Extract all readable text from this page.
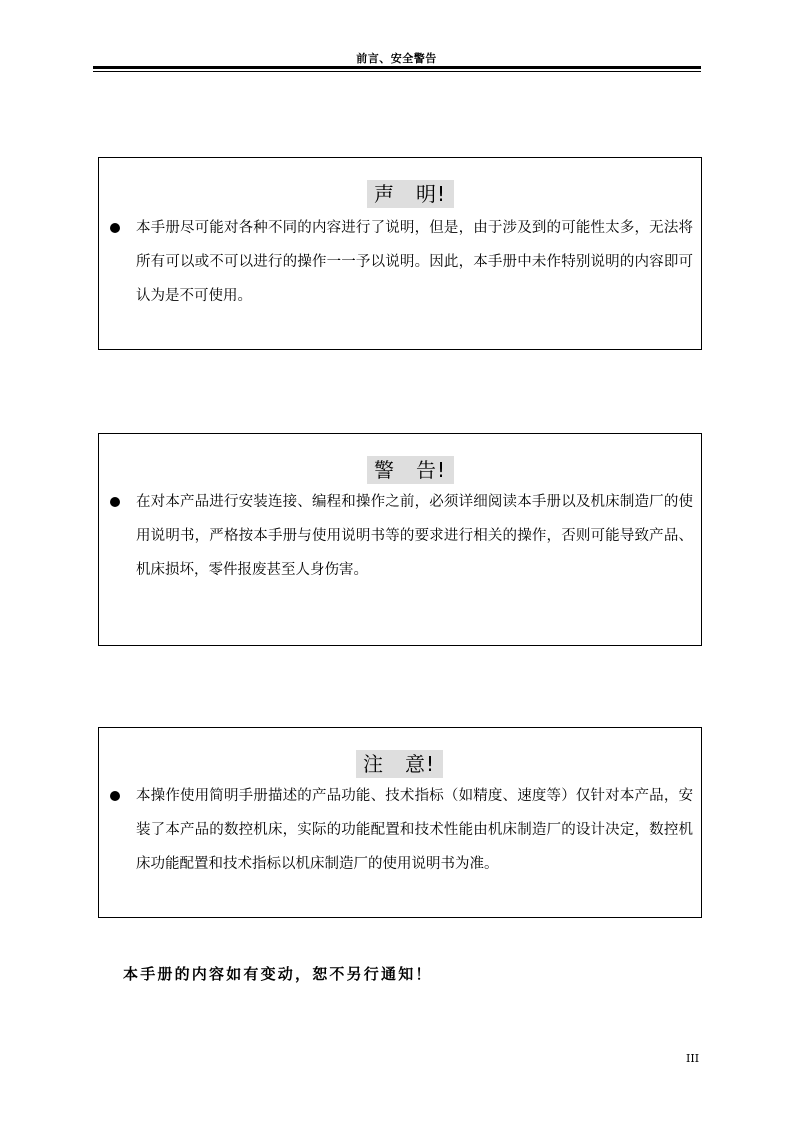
前言、安全警告
声　明!
本手册尽可能对各种不同的内容进行了说明，但是，由于涉及到的可能性太多，无法将所有可以或不可以进行的操作一一予以说明。因此，本手册中未作特别说明的内容即可认为是不可使用。
警　告!
在对本产品进行安装连接、编程和操作之前，必须详细阅读本手册以及机床制造厂的使用说明书，严格按本手册与使用说明书等的要求进行相关的操作，否则可能导致产品、机床损坏，零件报废甚至人身伤害。
注　意!
本操作使用简明手册描述的产品功能、技术指标（如精度、速度等）仅针对本产品，安装了本产品的数控机床，实际的功能配置和技术性能由机床制造厂的设计决定，数控机床功能配置和技术指标以机床制造厂的使用说明书为准。
本手册的内容如有变动，恕不另行通知！
III
